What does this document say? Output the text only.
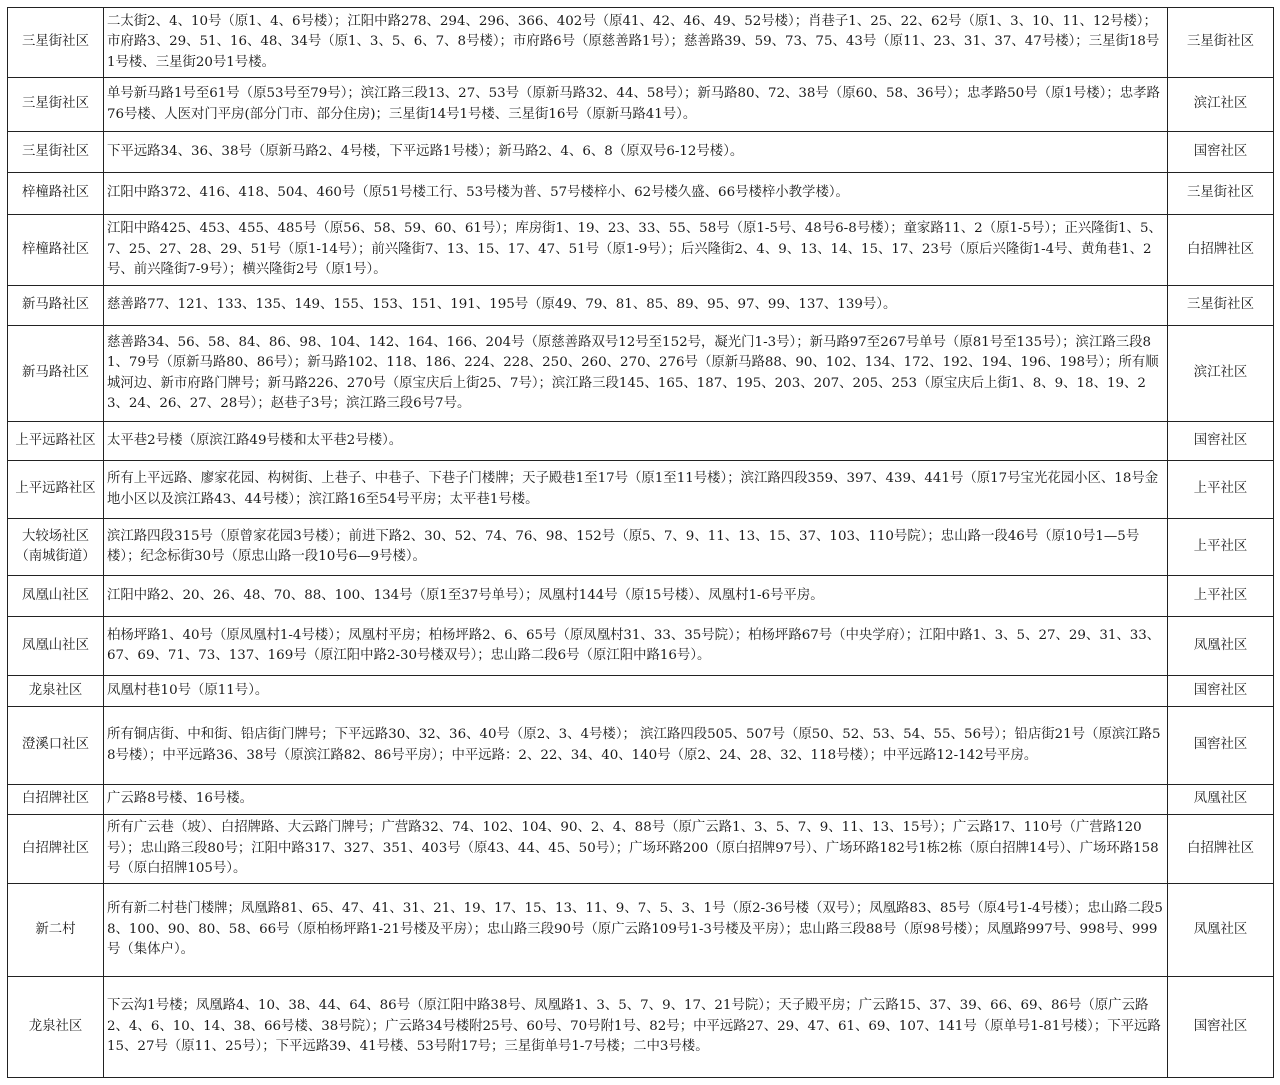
三星街社区	二太街2、4、10号（原1、4、6号楼）；江阳中路278、294、296、366、402号（原41、42、46、49、52号楼）；肖巷子1、25、22、62号（原1、3、10、11、12号楼）；市府路3、29、51、16、48、34号（原1、3、5、6、7、8号楼）；市府路6号（原慈善路1号）；慈善路39、59、73、75、43号（原11、23、31、37、47号楼）；三星街18号1号楼、三星街20号1号楼。	三星街社区
三星街社区	单号新马路1号至61号（原53号至79号）；滨江路三段13、27、53号（原新马路32、44、58号）；新马路80、72、38号（原60、58、36号）；忠孝路50号（原1号楼）；忠孝路76号楼、人医对门平房(部分门市、部分住房)；三星街14号1号楼、三星街16号（原新马路41号）。	滨江社区
三星街社区	下平远路34、36、38号（原新马路2、4号楼，下平远路1号楼）；新马路2、4、6、8（原双号6-12号楼）。	国窖社区
梓橦路社区	江阳中路372、416、418、504、460号（原51号楼工行、53号楼为普、57号楼梓小、62号楼久盛、66号楼梓小教学楼）。	三星街社区
梓橦路社区	江阳中路425、453、455、485号（原56、58、59、60、61号）；库房街1、19、23、33、55、58号（原1-5号、48号6-8号楼）；童家路11、2（原1-5号）；正兴隆街1、5、7、25、27、28、29、51号（原1-14号）；前兴隆街7、13、15、17、47、51号（原1-9号）；后兴隆街2、4、9、13、14、15、17、23号（原后兴隆街1-4号、黄角巷1、2号、前兴隆街7-9号）；横兴隆街2号（原1号）。	白招牌社区
新马路社区	慈善路77、121、133、135、149、155、153、151、191、195号（原49、79、81、85、89、95、97、99、137、139号）。	三星街社区
新马路社区	慈善路34、56、58、84、86、98、104、142、164、166、204号（原慈善路双号12号至152号，凝光门1-3号）；新马路97至267号单号（原81号至135号）；滨江路三段81、79号（原新马路80、86号）；新马路102、118、186、224、228、250、260、270、276号（原新马路88、90、102、134、172、192、194、196、198号）；所有顺城河边、新市府路门牌号；新马路226、270号（原宝庆后上街25、7号）；滨江路三段145、165、187、195、203、207、205、253（原宝庆后上街1、8、9、18、19、23、24、26、27、28号）；赵巷子3号；滨江路三段6号7号。	滨江社区
上平远路社区	太平巷2号楼（原滨江路49号楼和太平巷2号楼）。	国窖社区
上平远路社区	所有上平远路、廖家花园、构树街、上巷子、中巷子、下巷子门楼牌；天子殿巷1至17号（原1至11号楼）；滨江路四段359、397、439、441号（原17号宝光花园小区、18号金地小区以及滨江路43、44号楼）；滨江路16至54号平房；太平巷1号楼。	上平社区
大较场社区（南城街道）	滨江路四段315号（原曾家花园3号楼）；前进下路2、30、52、74、76、98、152号（原5、7、9、11、13、15、37、103、110号院）；忠山路一段46号（原10号1—5号楼）；纪念标街30号（原忠山路一段10号6—9号楼）。	上平社区
凤凰山社区	江阳中路2、20、26、48、70、88、100、134号（原1至37号单号）；凤凰村144号（原15号楼）、凤凰村1-6号平房。	上平社区
凤凰山社区	柏杨坪路1、40号（原凤凰村1-4号楼）；凤凰村平房；柏杨坪路2、6、65号（原凤凰村31、33、35号院）；柏杨坪路67号（中央学府）；江阳中路1、3、5、27、29、31、33、67、69、71、73、137、169号（原江阳中路2-30号楼双号）；忠山路二段6号（原江阳中路16号）。	凤凰社区
龙泉社区	凤凰村巷10号（原11号）。	国窖社区
澄溪口社区	所有铜店街、中和街、铅店街门牌号；下平远路30、32、36、40号（原2、3、4号楼）； 滨江路四段505、507号（原50、52、53、54、55、56号）；铅店街21号（原滨江路58号楼）；中平远路36、38号（原滨江路82、86号平房）；中平远路：2、22、34、40、140号（原2、24、28、32、118号楼）；中平远路12-142号平房。	国窖社区
白招牌社区	广云路8号楼、16号楼。	凤凰社区
白招牌社区	所有广云巷（坡）、白招牌路、大云路门牌号；广营路32、74、102、104、90、2、4、88号（原广云路1、3、5、7、9、11、13、15号）；广云路17、110号（广营路120号）；忠山路三段80号；江阳中路317、327、351、403号（原43、44、45、50号）；广场环路200（原白招牌97号）、广场环路182号1栋2栋（原白招牌14号）、广场环路158号（原白招牌105号）。	白招牌社区
新二村	所有新二村巷门楼牌；凤凰路81、65、47、41、31、21、19、17、15、13、11、9、7、5、3、1号（原2-36号楼（双号）；凤凰路83、85号（原4号1-4号楼）；忠山路二段58、100、90、80、58、66号（原柏杨坪路1-21号楼及平房）；忠山路三段90号（原广云路109号1-3号楼及平房）；忠山路三段88号（原98号楼）；凤凰路997号、998号、999号（集体户）。	凤凰社区
龙泉社区	下云沟1号楼；凤凰路4、10、38、44、64、86号（原江阳中路38号、凤凰路1、3、5、7、9、17、21号院）；天子殿平房；广云路15、37、39、66、69、86号（原广云路2、4、6、10、14、38、66号楼、38号院）；广云路34号楼附25号、60号、70号附1号、82号；中平远路27、29、47、61、69、107、141号（原单号1-81号楼）；下平远路15、27号（原11、25号）；下平远路39、41号楼、53号附17号；三星街单号1-7号楼；二中3号楼。	国窖社区
